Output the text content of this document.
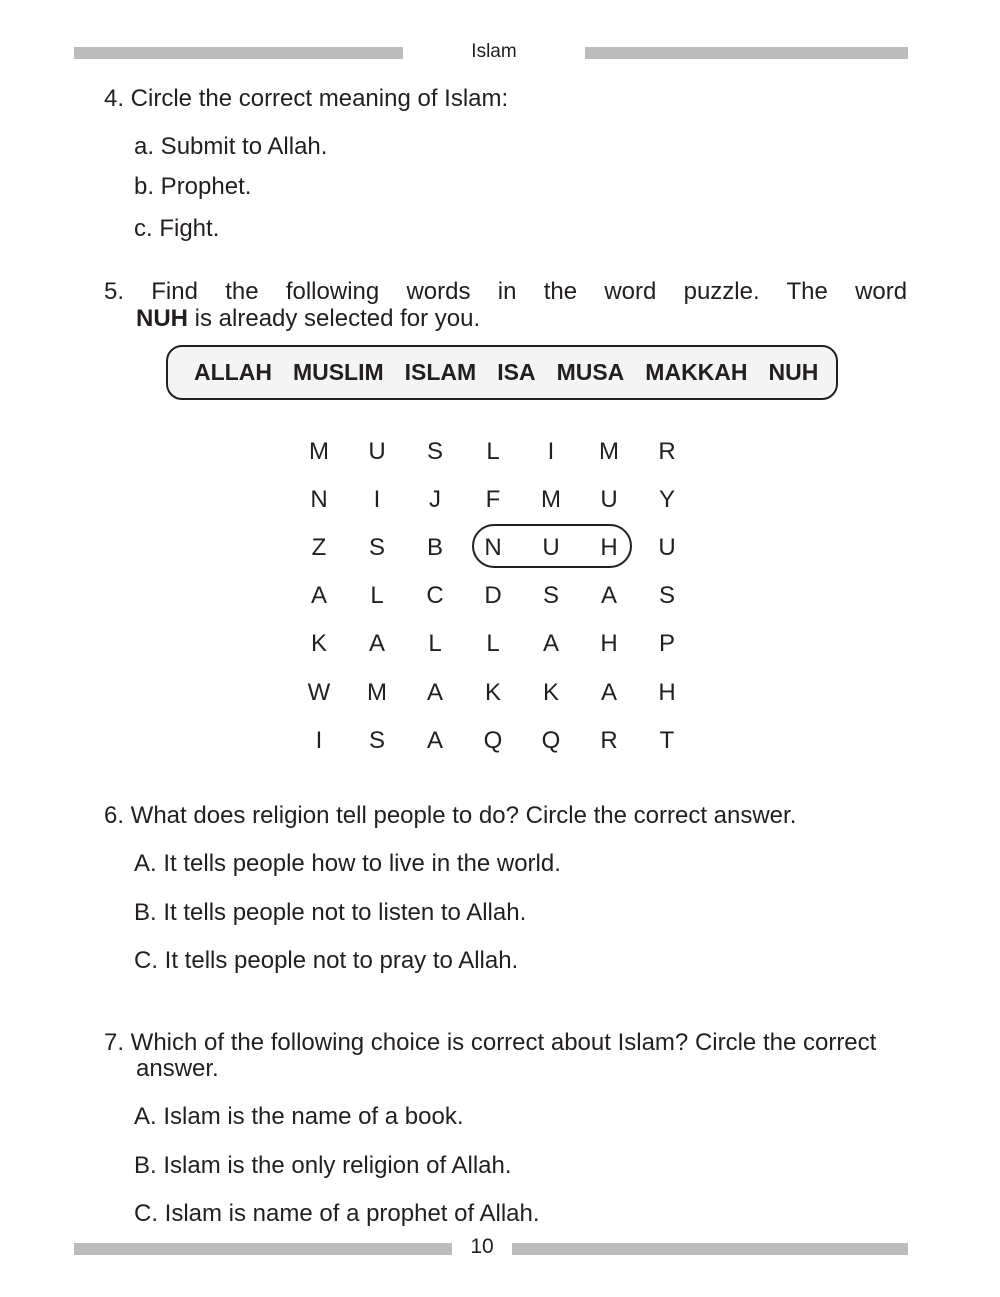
Islam
4. Circle the correct meaning of Islam:
a. Submit to Allah.
b. Prophet.
c. Fight.
5. Find the following words in the word puzzle. The word
NUH is already selected for you.
ALLAH MUSLIM ISLAM ISA MUSA MAKKAH NUH
M	U	S	L	I	M	R
N	I	J	F	M	U	Y
Z	S	B	N	U	H	U
A	L	C	D	S	A	S
K	A	L	L	A	H	P
W	M	A	K	K	A	H
I	S	A	Q	Q	R	T
6. What does religion tell people to do? Circle the correct answer.
A. It tells people how to live in the world.
B. It tells people not to listen to Allah.
C. It tells people not to pray to Allah.
7. Which of the following choice is correct about Islam? Circle the correct
answer.
A. Islam is the name of a book.
B. Islam is the only religion of Allah.
C. Islam is name of a prophet of Allah.
10
